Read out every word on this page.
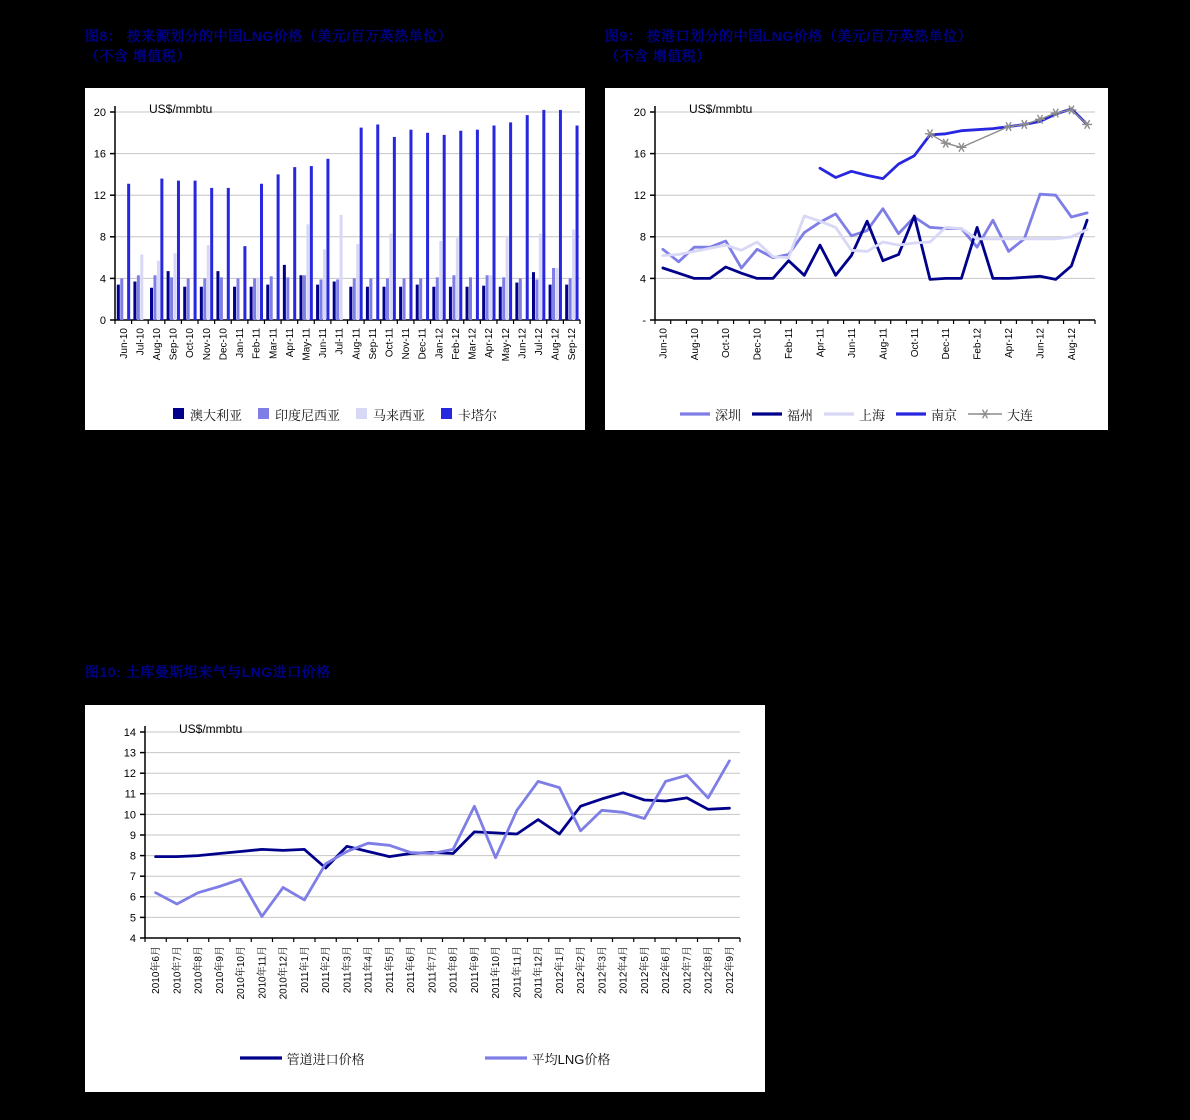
图8： 按来源划分的中国LNG价格（美元/百万英热单位）
（不含 增值税）
图9： 按港口划分的中国LNG价格（美元/百万英热单位）
（不含 增值税）
图10: 土库曼斯坦来气与LNG进口价格
0
4
8
12
16
20
Jun-10 Jul-10 Aug-10 Sep-10 Oct-10 Nov-10 Dec-10 Jan-11 Feb-11 Mar-11 Apr-11 May-11 Jun-11 Jul-11 Aug-11 Sep-11 Oct-11 Nov-11 Dec-11 Jan-12 Feb-12 Mar-12 Apr-12 May-12 Jun-12 Jul-12 Aug-12 Sep-12
US$/mmbtu
澳大利亚	印度尼西亚	马来西亚	卡塔尔
-
4
8
12
16
20
Jun-10 Aug-10 Oct-10 Dec-10 Feb-11 Apr-11 Jun-11 Aug-11 Oct-11 Dec-11 Feb-12 Apr-12 Jun-12 Aug-12
US$/mmbtu
深圳	福州	上海	南京	大连
4
5
6
7
8
9
10
11
12
13
14
2010年6月 2010年7月 2010年8月 2010年9月 2010年10月 2010年11月 2010年12月 2011年1月 2011年2月 2011年3月 2011年4月 2011年5月 2011年6月 2011年7月 2011年8月 2011年9月 2011年10月 2011年11月 2011年12月 2012年1月 2012年2月 2012年3月 2012年4月 2012年5月 2012年6月 2012年7月 2012年8月 2012年9月
US$/mmbtu
管道进口价格	平均LNG价格
